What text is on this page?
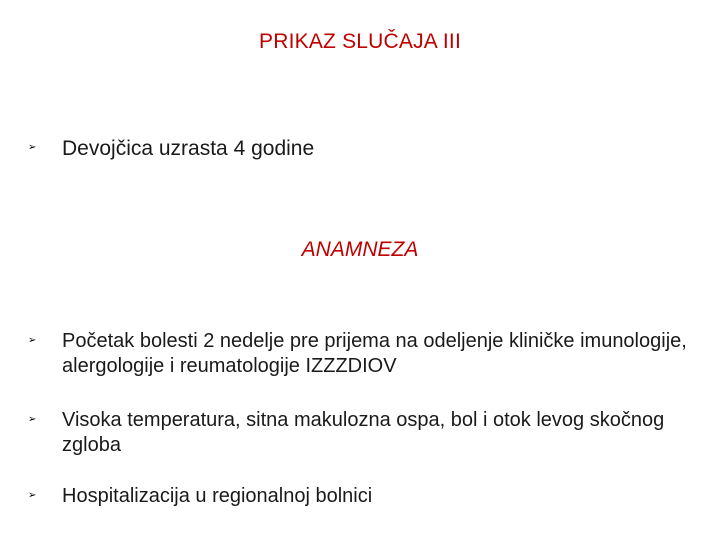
PRIKAZ SLUČAJA III
➢	Devojčica uzrasta 4 godine
ANAMNEZA
➢	Početak bolesti 2 nedelje pre prijema na odeljenje kliničke imunologije, alergologije i reumatologije IZZZDIOV
➢	Visoka temperatura, sitna makulozna ospa, bol i otok levog skočnog zgloba
➢	Hospitalizacija u regionalnoj bolnici
